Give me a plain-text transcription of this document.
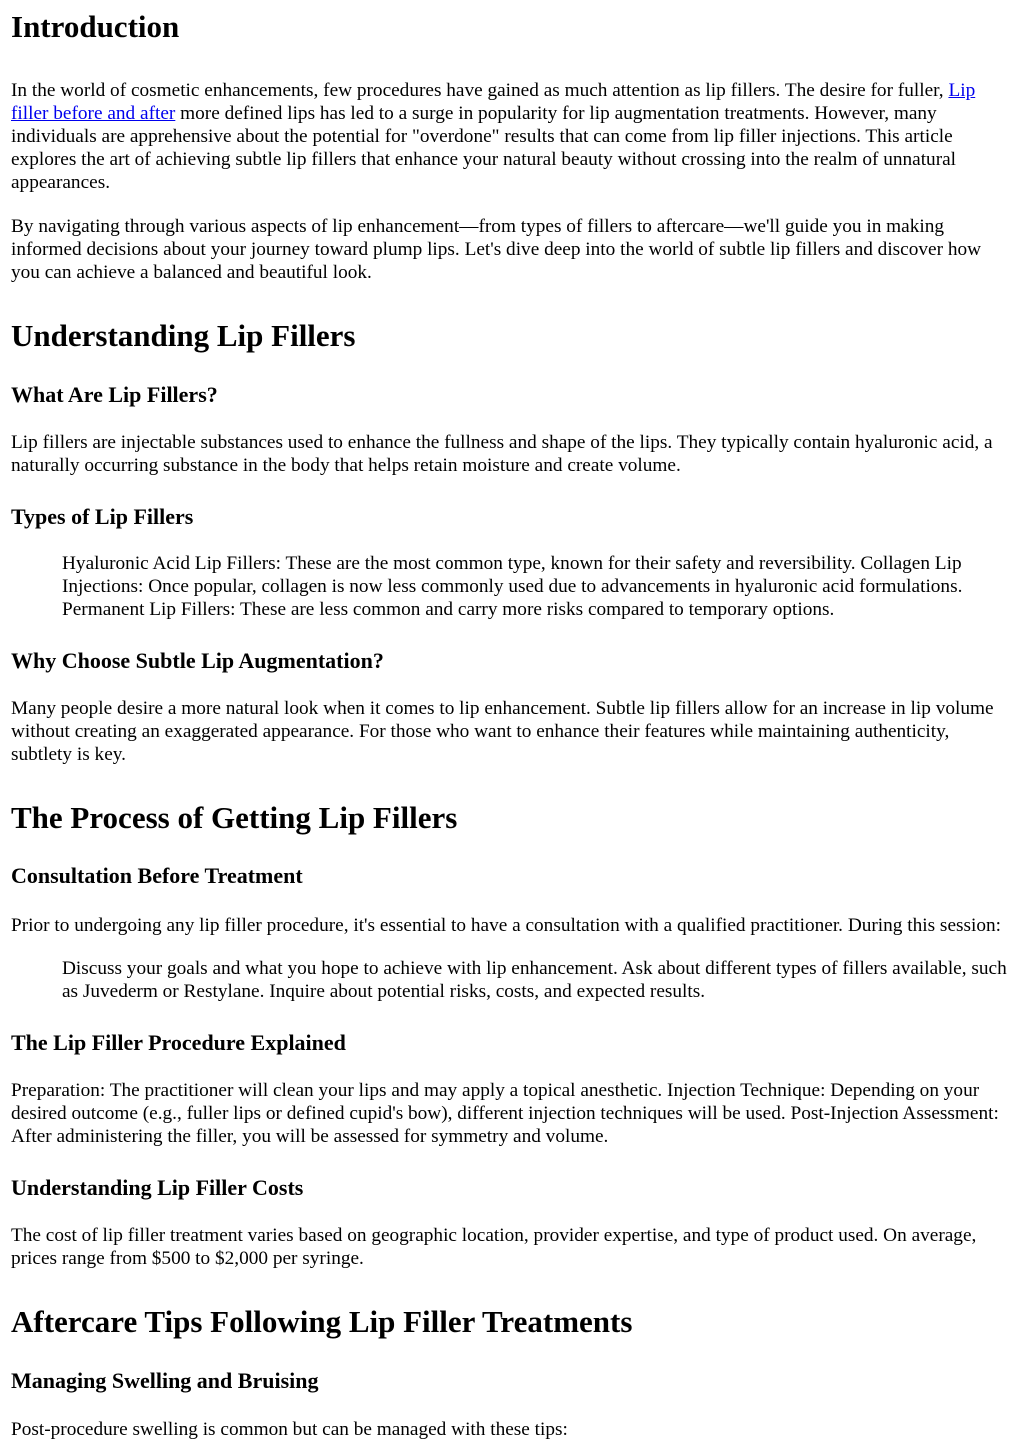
Introduction

In the world of cosmetic enhancements, few procedures have gained as much attention as lip fillers. The desire for fuller, Lip filler before and after more defined lips has led to a surge in popularity for lip augmentation treatments. However, many individuals are apprehensive about the potential for "overdone" results that can come from lip filler injections. This article explores the art of achieving subtle lip fillers that enhance your natural beauty without crossing into the realm of unnatural appearances.

By navigating through various aspects of lip enhancement—from types of fillers to aftercare—we'll guide you in making informed decisions about your journey toward plump lips. Let's dive deep into the world of subtle lip fillers and discover how you can achieve a balanced and beautiful look.

Understanding Lip Fillers
What Are Lip Fillers?

Lip fillers are injectable substances used to enhance the fullness and shape of the lips. They typically contain hyaluronic acid, a naturally occurring substance in the body that helps retain moisture and create volume.

Types of Lip Fillers
Hyaluronic Acid Lip Fillers: These are the most common type, known for their safety and reversibility. Collagen Lip Injections: Once popular, collagen is now less commonly used due to advancements in hyaluronic acid formulations. Permanent Lip Fillers: These are less common and carry more risks compared to temporary options.
Why Choose Subtle Lip Augmentation?

Many people desire a more natural look when it comes to lip enhancement. Subtle lip fillers allow for an increase in lip volume without creating an exaggerated appearance. For those who want to enhance their features while maintaining authenticity, subtlety is key.

The Process of Getting Lip Fillers
Consultation Before Treatment

Prior to undergoing any lip filler procedure, it's essential to have a consultation with a qualified practitioner. During this session:

Discuss your goals and what you hope to achieve with lip enhancement. Ask about different types of fillers available, such as Juvederm or Restylane. Inquire about potential risks, costs, and expected results.
The Lip Filler Procedure Explained

Preparation: The practitioner will clean your lips and may apply a topical anesthetic. Injection Technique: Depending on your desired outcome (e.g., fuller lips or defined cupid's bow), different injection techniques will be used. Post-Injection Assessment: After administering the filler, you will be assessed for symmetry and volume.

Understanding Lip Filler Costs

The cost of lip filler treatment varies based on geographic location, provider expertise, and type of product used. On average, prices range from $500 to $2,000 per syringe.

Aftercare Tips Following Lip Filler Treatments
Managing Swelling and Bruising

Post-procedure swelling is common but can be managed with these tips:
